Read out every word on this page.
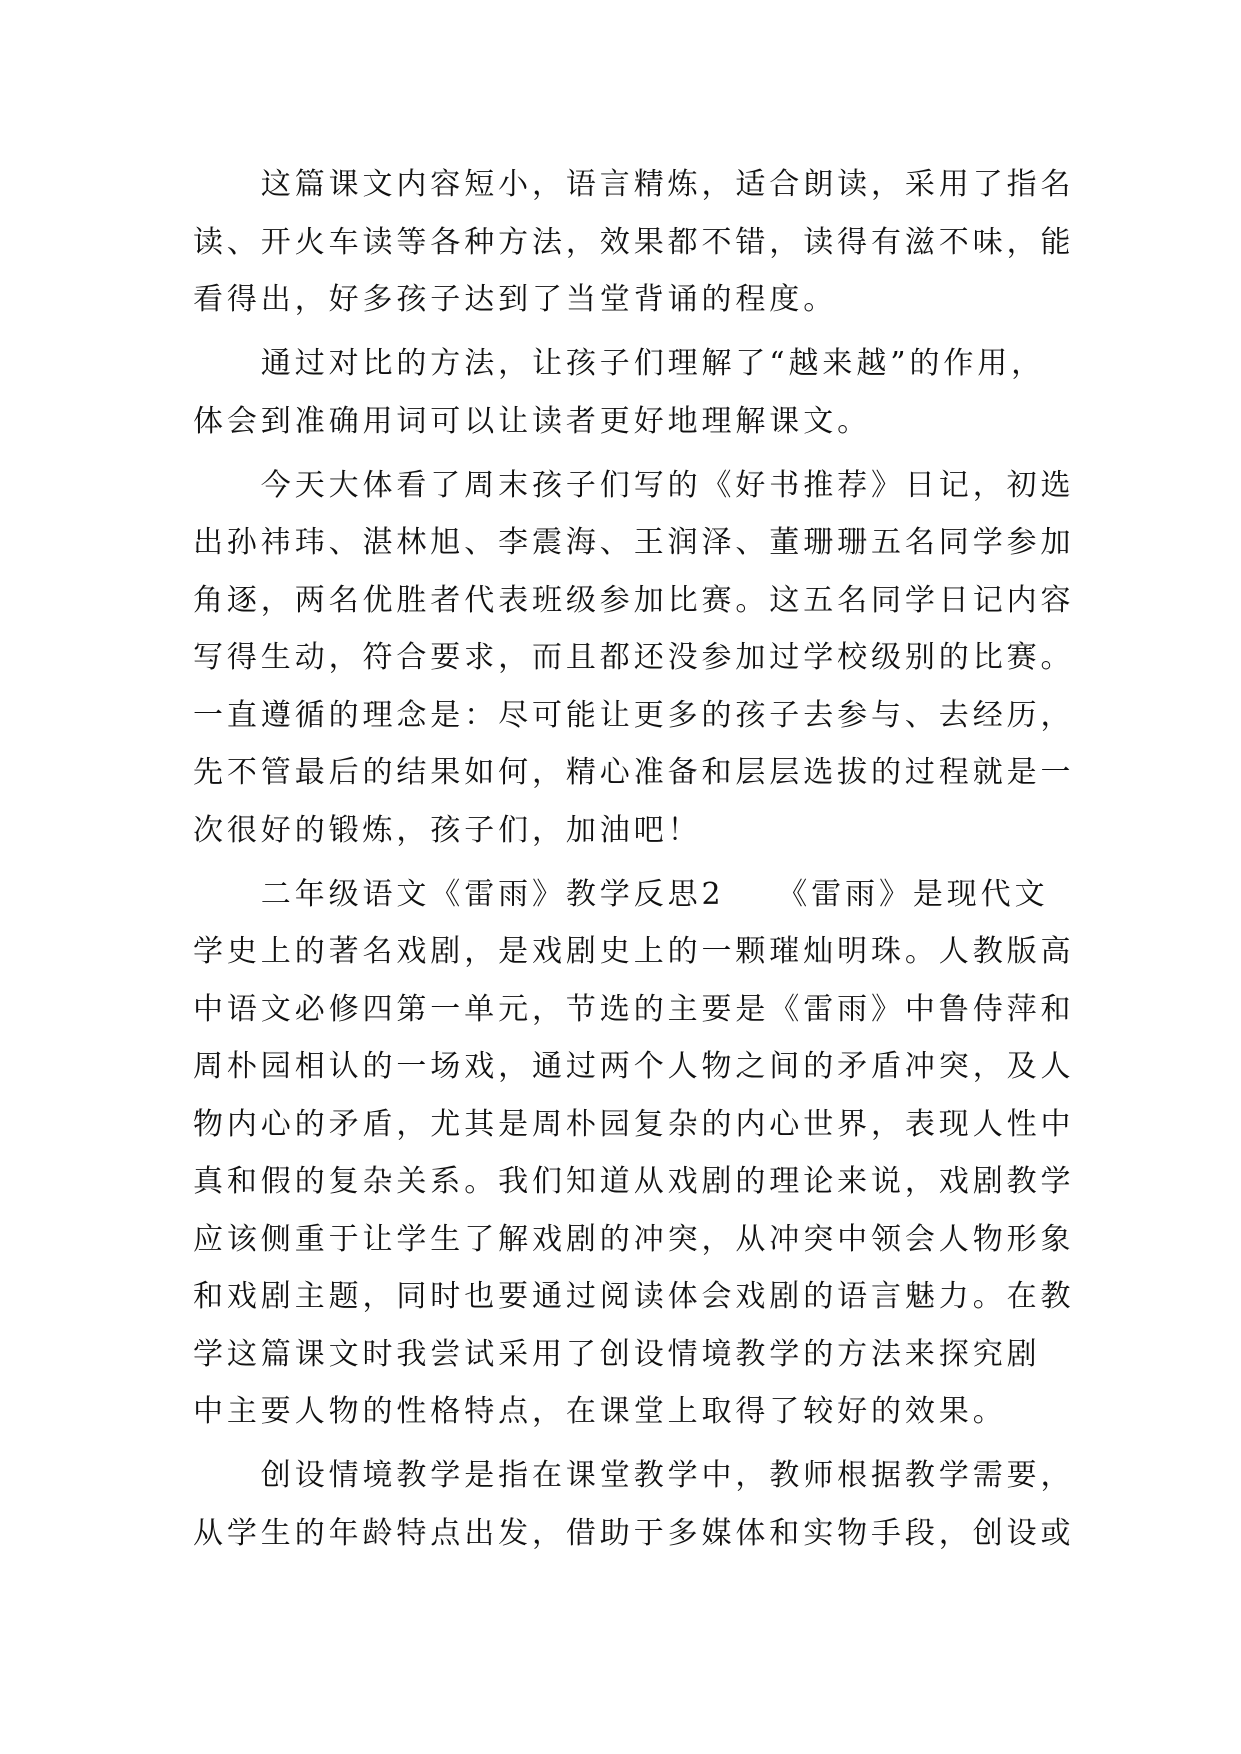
这篇课文内容短小，语言精炼，适合朗读，采用了指名
读、开火车读等各种方法，效果都不错，读得有滋不味，能
看得出，好多孩子达到了当堂背诵的程度。
通过对比的方法，让孩子们理解了“越来越”的作用，
体会到准确用词可以让读者更好地理解课文。
今天大体看了周末孩子们写的《好书推荐》日记，初选
出孙祎玮、湛林旭、李震海、王润泽、董珊珊五名同学参加
角逐，两名优胜者代表班级参加比赛。这五名同学日记内容
写得生动，符合要求，而且都还没参加过学校级别的比赛。
一直遵循的理念是：尽可能让更多的孩子去参与、去经历，
先不管最后的结果如何，精心准备和层层选拔的过程就是一
次很好的锻炼，孩子们，加油吧！
二年级语文《雷雨》教学反思2　　《雷雨》是现代文
学史上的著名戏剧，是戏剧史上的一颗璀灿明珠。人教版高
中语文必修四第一单元，节选的主要是《雷雨》中鲁侍萍和
周朴园相认的一场戏，通过两个人物之间的矛盾冲突，及人
物内心的矛盾，尤其是周朴园复杂的内心世界，表现人性中
真和假的复杂关系。我们知道从戏剧的理论来说，戏剧教学
应该侧重于让学生了解戏剧的冲突，从冲突中领会人物形象
和戏剧主题，同时也要通过阅读体会戏剧的语言魅力。在教
学这篇课文时我尝试采用了创设情境教学的方法来探究剧
中主要人物的性格特点，在课堂上取得了较好的效果。
创设情境教学是指在课堂教学中，教师根据教学需要，
从学生的年龄特点出发，借助于多媒体和实物手段，创设或
